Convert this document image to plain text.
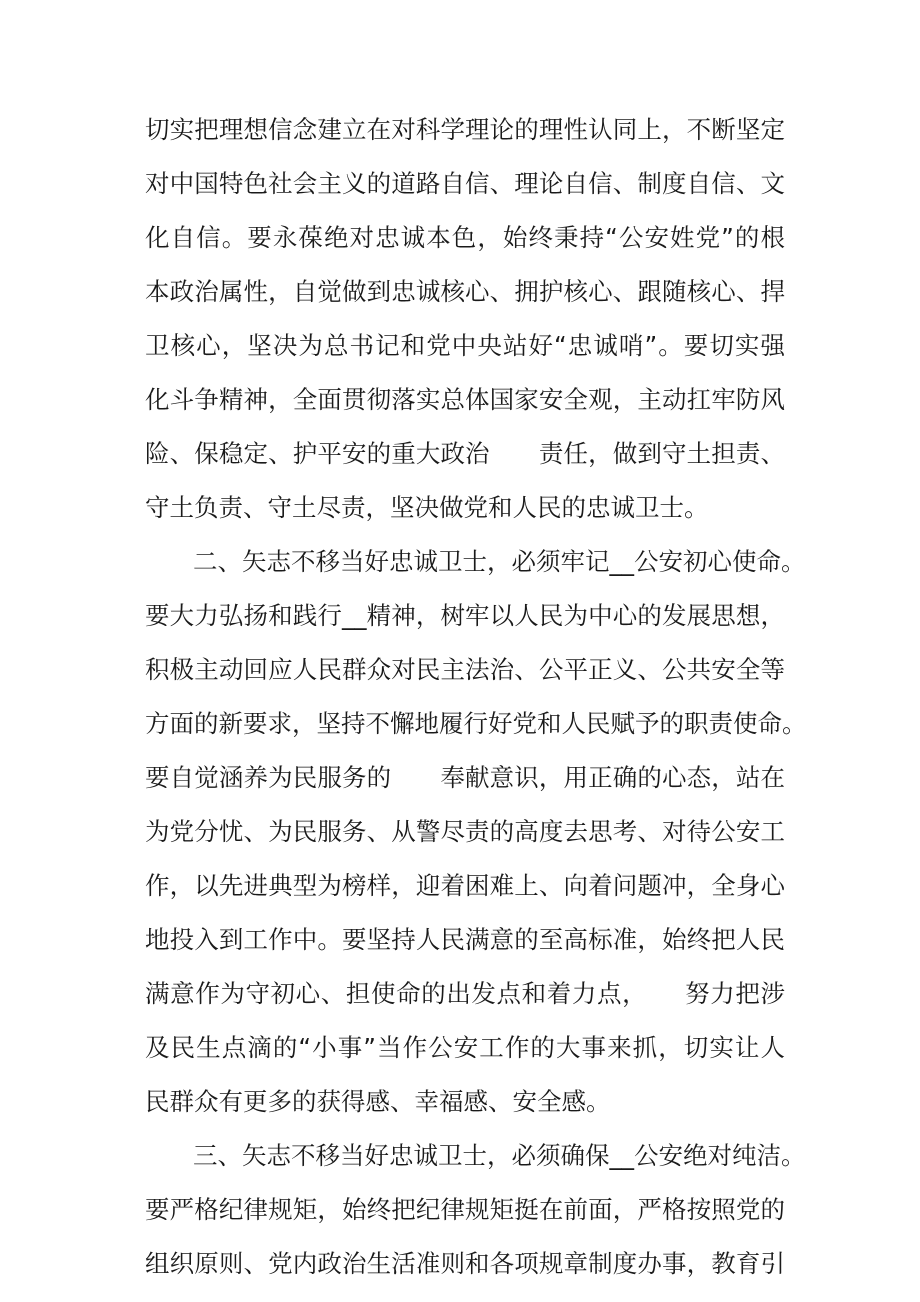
切实把理想信念建立在对科学理论的理性认同上，不断坚定
对中国特色社会主义的道路自信、理论自信、制度自信、文
化自信。要永葆绝对忠诚本色，始终秉持“公安姓党”的根
本政治属性，自觉做到忠诚核心、拥护核心、跟随核心、捍
卫核心，坚决为总书记和党中央站好“忠诚哨”。要切实强
化斗争精神，全面贯彻落实总体国家安全观，主动扛牢防风
险、保稳定、护平安的重大政治　　责任，做到守土担责、
守土负责、守土尽责，坚决做党和人民的忠诚卫士。
二、矢志不移当好忠诚卫士，必须牢记__公安初心使命。
要大力弘扬和践行__精神，树牢以人民为中心的发展思想，
积极主动回应人民群众对民主法治、公平正义、公共安全等
方面的新要求，坚持不懈地履行好党和人民赋予的职责使命。
要自觉涵养为民服务的　　奉献意识，用正确的心态，站在
为党分忧、为民服务、从警尽责的高度去思考、对待公安工
作，以先进典型为榜样，迎着困难上、向着问题冲，全身心
地投入到工作中。要坚持人民满意的至高标准，始终把人民
满意作为守初心、担使命的出发点和着力点，　　努力把涉
及民生点滴的“小事”当作公安工作的大事来抓，切实让人
民群众有更多的获得感、幸福感、安全感。
三、矢志不移当好忠诚卫士，必须确保__公安绝对纯洁。
要严格纪律规矩，始终把纪律规矩挺在前面，严格按照党的
组织原则、党内政治生活准则和各项规章制度办事，教育引
